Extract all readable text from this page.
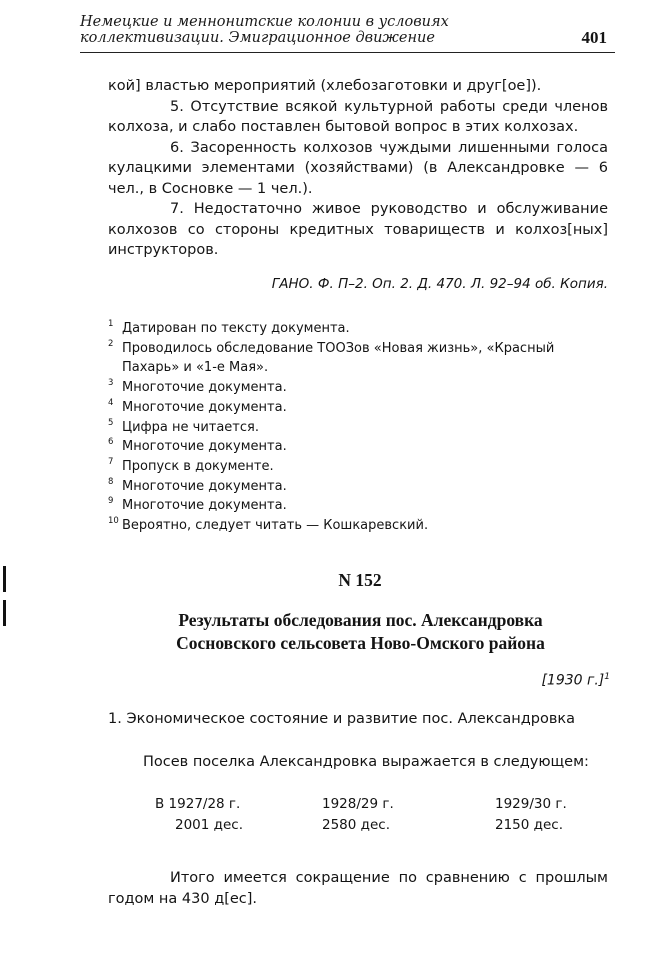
Немецкие и меннонитские колонии в условиях
коллективизации. Эмиграционное движение	401

кой] властью мероприятий (хлебозаготовки и друг[ое]).

5. Отсутствие всякой культурной работы среди членов колхоза, и слабо поставлен бытовой вопрос в этих колхозах.

6. Засоренность колхозов чуждыми лишенными голоса кулацкими элементами (хозяйствами) (в Александровке — 6 чел., в Сосновке — 1 чел.).

7. Недостаточно живое руководство и обслуживание колхозов со стороны кредитных товариществ и колхоз[ных] инструкторов.

ГАНО. Ф. П–2. Оп. 2. Д. 470. Л. 92–94 об. Копия.
1 Датирован по тексту документа.
2 Проводилось обследование ТООЗов «Новая жизнь», «Красный Пахарь» и «1-е Мая».
3 Многоточие документа.
4 Многоточие документа.
5 Цифра не читается.
6 Многоточие документа.
7 Пропуск в документе.
8 Многоточие документа.
9 Многоточие документа.
10 Вероятно, следует читать — Кошкаревский.
N 152
Результаты обследования пос. Александровка
Сосновского сельсовета Ново-Омского района
[1930 г.]$^1$
1. Экономическое состояние и развитие пос. Александровка
Посев поселка Александровка выражается в следующем:
В 1927/28 г.
2001 дес.
1928/29 г.
2580 дес.
1929/30 г.
2150 дес.

Итого имеется сокращение по сравнению с прошлым годом на 430 д[ес].
